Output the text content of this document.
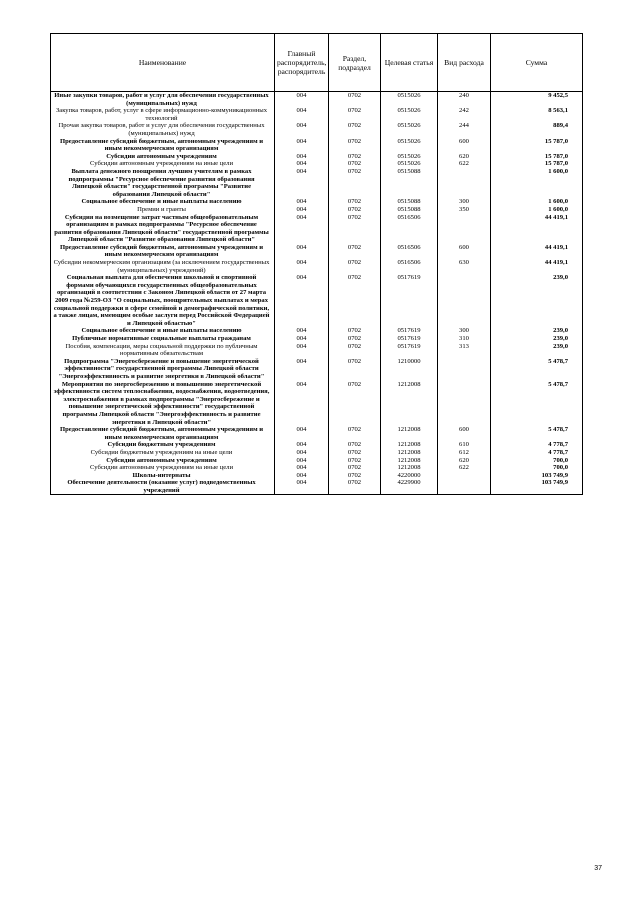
Наименование	Главный распорядитель, распорядитель	Раздел, подраздел	Целевая статья	Вид расхода	Сумма
Иные закупки товаров, работ и услуг для обеспечения государственных (муниципальных) нужд	004	0702	0515026	240	9 452,5
Закупка товаров, работ, услуг в сфере информационно-коммуникационных технологий	004	0702	0515026	242	8 563,1
Прочая закупка товаров, работ и услуг для обеспечения государственных (муниципальных) нужд	004	0702	0515026	244	889,4
Предоставление субсидий бюджетным, автономным учреждениям и иным некоммерческим организациям	004	0702	0515026	600	15 787,0
Субсидии автономным учреждениям	004	0702	0515026	620	15 787,0
Субсидии автономным учреждениям на иные цели	004	0702	0515026	622	15 787,0
Выплата денежного поощрения лучшим учителям в рамках подпрограммы "Ресурсное обеспечение развития образования Липецкой области" государственной программы "Развитие образования Липецкой области"	004	0702	0515088		1 600,0
Социальное обеспечение и иные выплаты населению	004	0702	0515088	300	1 600,0
Премии и гранты	004	0702	0515088	350	1 600,0
Субсидия на возмещение затрат частным общеобразовательным организациям в рамках подпрограммы "Ресурсное обеспечение развития образования Липецкой области" государственной программы Липецкой области "Развитие образования Липецкой области"	004	0702	0516506		44 419,1
Предоставление субсидий бюджетным, автономным учреждениям и иным некоммерческим организациям	004	0702	0516506	600	44 419,1
Субсидии некоммерческим организациям (за исключением государственных (муниципальных) учреждений)	004	0702	0516506	630	44 419,1
Социальная выплата для обеспечения школьной и спортивной формами обучающихся государственных общеобразовательных организаций в соответствии с Законом Липецкой области от 27 марта 2009 года №259-ОЗ "О социальных, поощрительных выплатах и мерах социальной поддержки в сфере семейной и демографической политики, а также лицам, имеющим особые заслуги перед Российской Федерацией и Липецкой областью"	004	0702	0517619		239,0
Социальное обеспечение и иные выплаты населению	004	0702	0517619	300	239,0
Публичные нормативные социальные выплаты гражданам	004	0702	0517619	310	239,0
Пособия, компенсации, меры социальной поддержки по публичным нормативным обязательствам	004	0702	0517619	313	239,0
Подпрограмма "Энергосбережение и повышение энергетической эффективности" государственной программы Липецкой области "Энергоэффективность и развитие энергетики в Липецкой области"	004	0702	1210000		5 478,7
Мероприятия по энергосбережению и повышению энергетической эффективности систем теплоснабжения, водоснабжения, водоотведения, электроснабжения в рамках подпрограммы "Энергосбережение и повышение энергетической эффективности" государственной программы Липецкой области "Энергоэффективность и развитие энергетики в Липецкой области"	004	0702	1212008		5 478,7
Предоставление субсидий бюджетным, автономным учреждениям и иным некоммерческим организациям	004	0702	1212008	600	5 478,7
Субсидии бюджетным учреждениям	004	0702	1212008	610	4 778,7
Субсидии бюджетным учреждениям на иные цели	004	0702	1212008	612	4 778,7
Субсидии автономным учреждениям	004	0702	1212008	620	700,0
Субсидии автономным учреждениям на иные цели	004	0702	1212008	622	700,0
Школы-интернаты	004	0702	4220000		103 749,9
Обеспечение деятельности (оказание услуг) подведомственных учреждений	004	0702	4229900		103 749,9
37
